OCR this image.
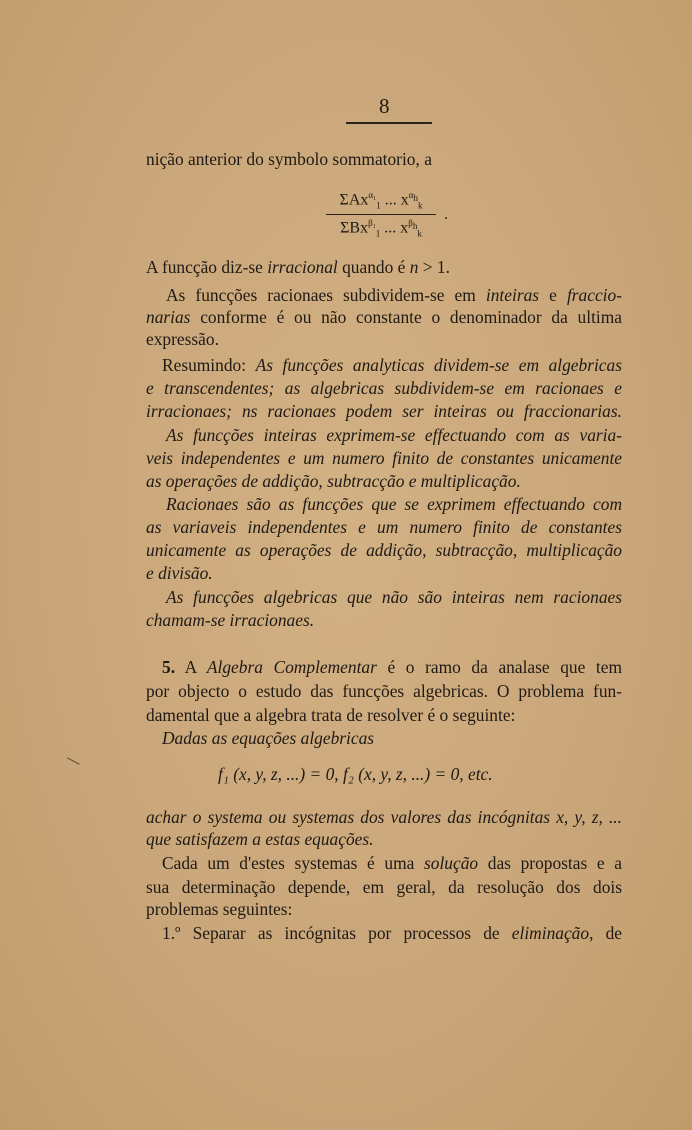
8
nição anterior do symbolo sommatorio, a
ΣAx$^{\alpha_1}_1$ ... $x^{\alpha_h}_k$
ΣBx$^{\beta_1}_1$ ... $x^{\beta_h}_k$
.
A funcção diz-se irracional quando é n > 1.
As funcções racionaes subdividem-se em inteiras e fraccio-
narias conforme é ou não constante o denominador da ultima
expressão.
Resumindo: As funcções analyticas dividem-se em algebricas
e transcendentes; as algebricas subdividem-se em racionaes e
irracionaes; ns racionaes podem ser inteiras ou fraccionarias.
As funcções inteiras exprimem-se effectuando com as varia-
veis independentes e um numero finito de constantes unicamente
as operações de addição, subtracção e multiplicação.
Racionaes são as funcções que se exprimem effectuando com
as variaveis independentes e um numero finito de constantes
unicamente as operações de addição, subtracção, multiplicação
e divisão.
As funcções algebricas que não são inteiras nem racionaes
chamam-se irracionaes.
5. A Algebra Complementar é o ramo da analase que tem
por objecto o estudo das funcções algebricas. O problema fun-
damental que a algebra trata de resolver é o seguinte:
Dadas as equações algebricas
f₁ (x, y, z, ...) = 0, f₂ (x, y, z, ...) = 0, etc.
achar o systema ou systemas dos valores das incógnitas x, y, z, ...
que satisfazem a estas equações.
Cada um d'estes systemas é uma solução das propostas e a
sua determinação depende, em geral, da resolução dos dois
problemas seguintes:
1.º Separar as incógnitas por processos de eliminação, de
